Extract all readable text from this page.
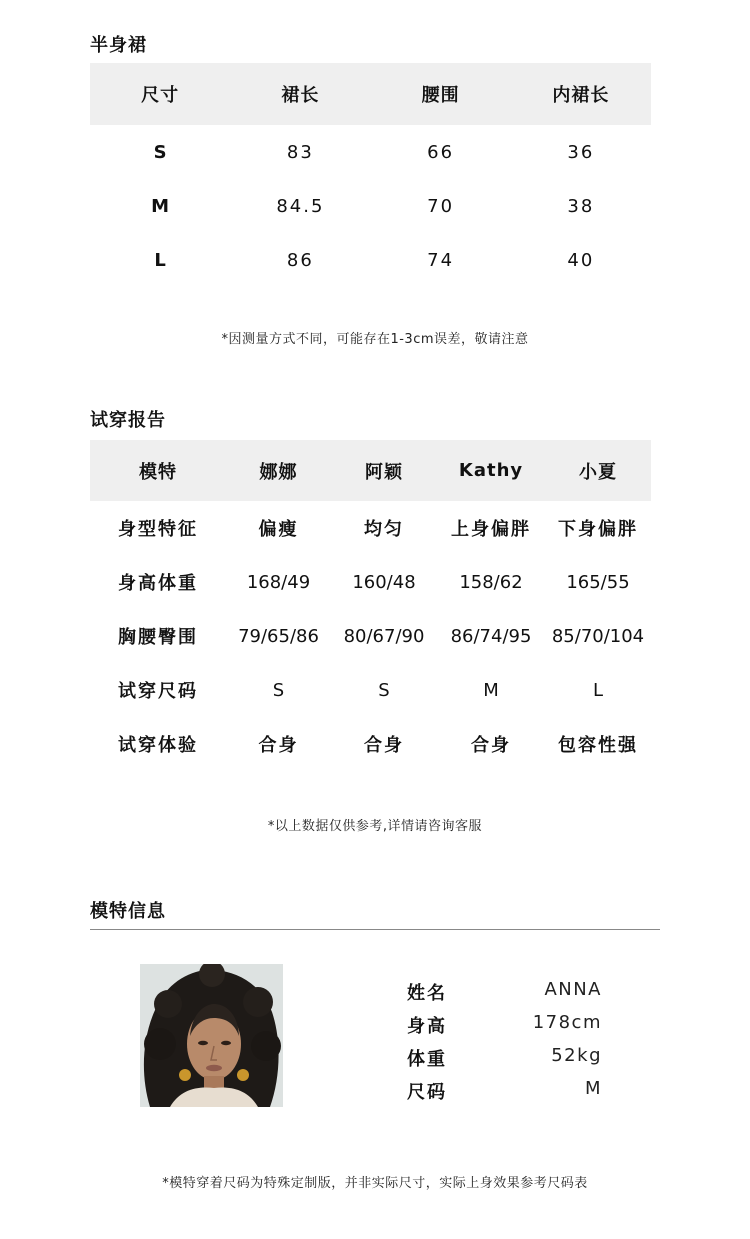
半身裙
尺寸	裙长	腰围	内裙长
S	83	66	36
M	84.5	70	38
L	86	74	40
*因测量方式不同，可能存在1-3cm误差，敬请注意
试穿报告
模特	娜娜	阿颖	Kathy	小夏
身型特征	偏瘦	均匀	上身偏胖	下身偏胖
身高体重	168/49	160/48	158/62	165/55
胸腰臀围	79/65/86	80/67/90	86/74/95	85/70/104
试穿尺码	S	S	M	L
试穿体验	合身	合身	合身	包容性强
*以上数据仅供参考,详情请咨询客服
模特信息
姓名	ANNA
身高	178cm
体重	52kg
尺码	M
*模特穿着尺码为特殊定制版，并非实际尺寸，实际上身效果参考尺码表
